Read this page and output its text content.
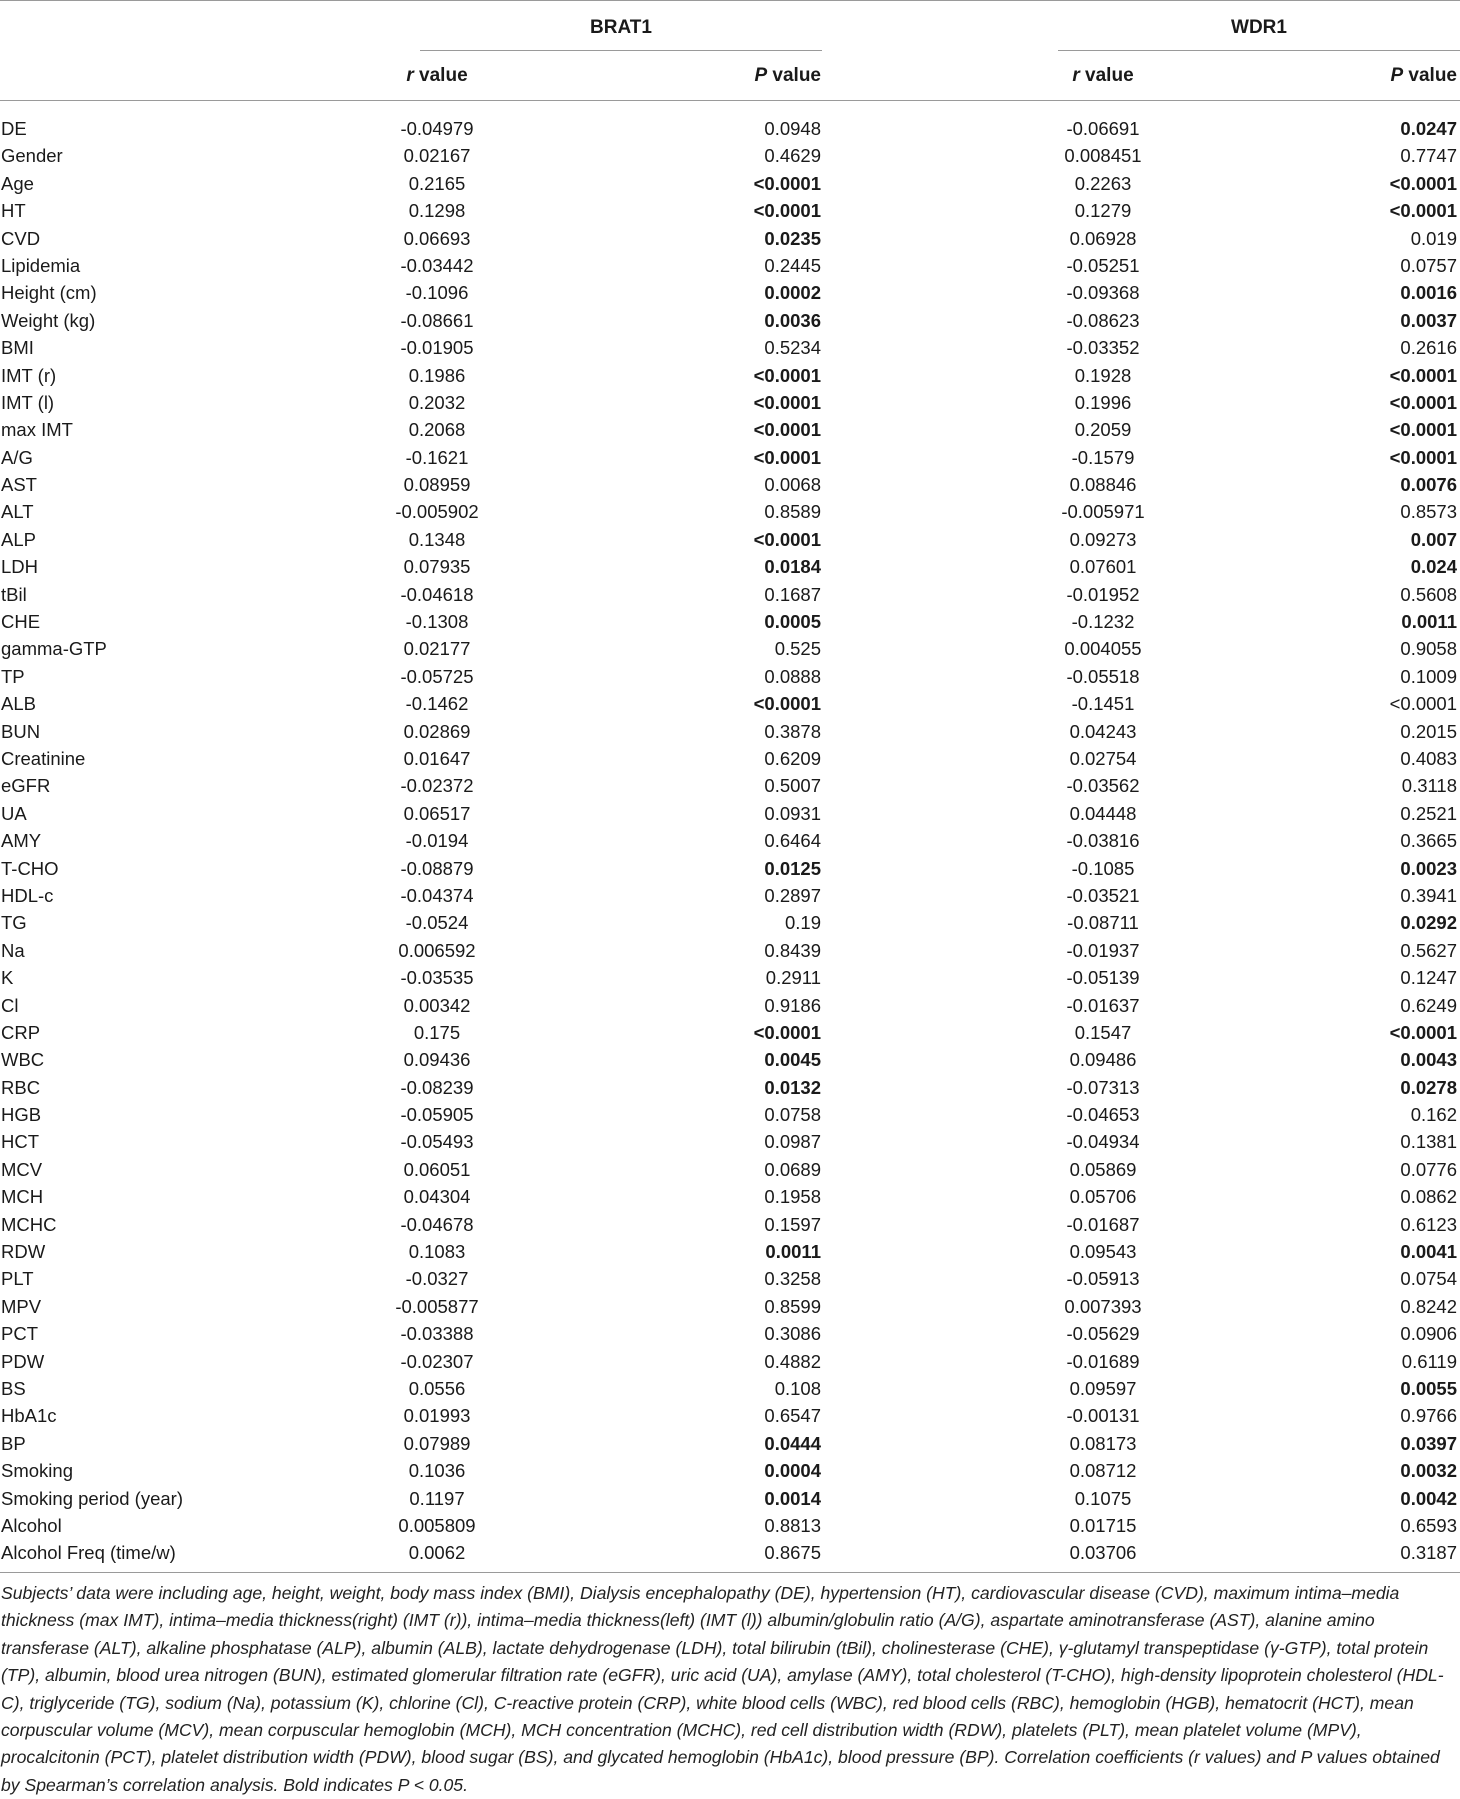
BRAT1	WDR1
r value	P value	r value	P value
DE	-0.04979	0.0948	-0.06691	0.0247
Gender	0.02167	0.4629	0.008451	0.7747
Age	0.2165	<0.0001	0.2263	<0.0001
HT	0.1298	<0.0001	0.1279	<0.0001
CVD	0.06693	0.0235	0.06928	0.019
Lipidemia	-0.03442	0.2445	-0.05251	0.0757
Height (cm)	-0.1096	0.0002	-0.09368	0.0016
Weight (kg)	-0.08661	0.0036	-0.08623	0.0037
BMI	-0.01905	0.5234	-0.03352	0.2616
IMT (r)	0.1986	<0.0001	0.1928	<0.0001
IMT (l)	0.2032	<0.0001	0.1996	<0.0001
max IMT	0.2068	<0.0001	0.2059	<0.0001
A/G	-0.1621	<0.0001	-0.1579	<0.0001
AST	0.08959	0.0068	0.08846	0.0076
ALT	-0.005902	0.8589	-0.005971	0.8573
ALP	0.1348	<0.0001	0.09273	0.007
LDH	0.07935	0.0184	0.07601	0.024
tBil	-0.04618	0.1687	-0.01952	0.5608
CHE	-0.1308	0.0005	-0.1232	0.0011
gamma-GTP	0.02177	0.525	0.004055	0.9058
TP	-0.05725	0.0888	-0.05518	0.1009
ALB	-0.1462	<0.0001	-0.1451	<0.0001
BUN	0.02869	0.3878	0.04243	0.2015
Creatinine	0.01647	0.6209	0.02754	0.4083
eGFR	-0.02372	0.5007	-0.03562	0.3118
UA	0.06517	0.0931	0.04448	0.2521
AMY	-0.0194	0.6464	-0.03816	0.3665
T-CHO	-0.08879	0.0125	-0.1085	0.0023
HDL-c	-0.04374	0.2897	-0.03521	0.3941
TG	-0.0524	0.19	-0.08711	0.0292
Na	0.006592	0.8439	-0.01937	0.5627
K	-0.03535	0.2911	-0.05139	0.1247
Cl	0.00342	0.9186	-0.01637	0.6249
CRP	0.175	<0.0001	0.1547	<0.0001
WBC	0.09436	0.0045	0.09486	0.0043
RBC	-0.08239	0.0132	-0.07313	0.0278
HGB	-0.05905	0.0758	-0.04653	0.162
HCT	-0.05493	0.0987	-0.04934	0.1381
MCV	0.06051	0.0689	0.05869	0.0776
MCH	0.04304	0.1958	0.05706	0.0862
MCHC	-0.04678	0.1597	-0.01687	0.6123
RDW	0.1083	0.0011	0.09543	0.0041
PLT	-0.0327	0.3258	-0.05913	0.0754
MPV	-0.005877	0.8599	0.007393	0.8242
PCT	-0.03388	0.3086	-0.05629	0.0906
PDW	-0.02307	0.4882	-0.01689	0.6119
BS	0.0556	0.108	0.09597	0.0055
HbA1c	0.01993	0.6547	-0.00131	0.9766
BP	0.07989	0.0444	0.08173	0.0397
Smoking	0.1036	0.0004	0.08712	0.0032
Smoking period (year)	0.1197	0.0014	0.1075	0.0042
Alcohol	0.005809	0.8813	0.01715	0.6593
Alcohol Freq (time/w)	0.0062	0.8675	0.03706	0.3187
Subjects’ data were including age, height, weight, body mass index (BMI), Dialysis encephalopathy (DE), hypertension (HT), cardiovascular disease (CVD), maximum intima–media thickness (max IMT), intima–media thickness(right) (IMT (r)), intima–media thickness(left) (IMT (l)) albumin/globulin ratio (A/G), aspartate aminotransferase (AST), alanine amino transferase (ALT), alkaline phosphatase (ALP), albumin (ALB), lactate dehydrogenase (LDH), total bilirubin (tBil), cholinesterase (CHE), γ-glutamyl transpeptidase (γ-GTP), total protein (TP), albumin, blood urea nitrogen (BUN), estimated glomerular filtration rate (eGFR), uric acid (UA), amylase (AMY), total cholesterol (T-CHO), high-density lipoprotein cholesterol (HDL-C), triglyceride (TG), sodium (Na), potassium (K), chlorine (Cl), C-reactive protein (CRP), white blood cells (WBC), red blood cells (RBC), hemoglobin (HGB), hematocrit (HCT), mean corpuscular volume (MCV), mean corpuscular hemoglobin (MCH), MCH concentration (MCHC), red cell distribution width (RDW), platelets (PLT), mean platelet volume (MPV), procalcitonin (PCT), platelet distribution width (PDW), blood sugar (BS), and glycated hemoglobin (HbA1c), blood pressure (BP). Correlation coefficients (r values) and P values obtained by Spearman’s correlation analysis. Bold indicates P < 0.05.
